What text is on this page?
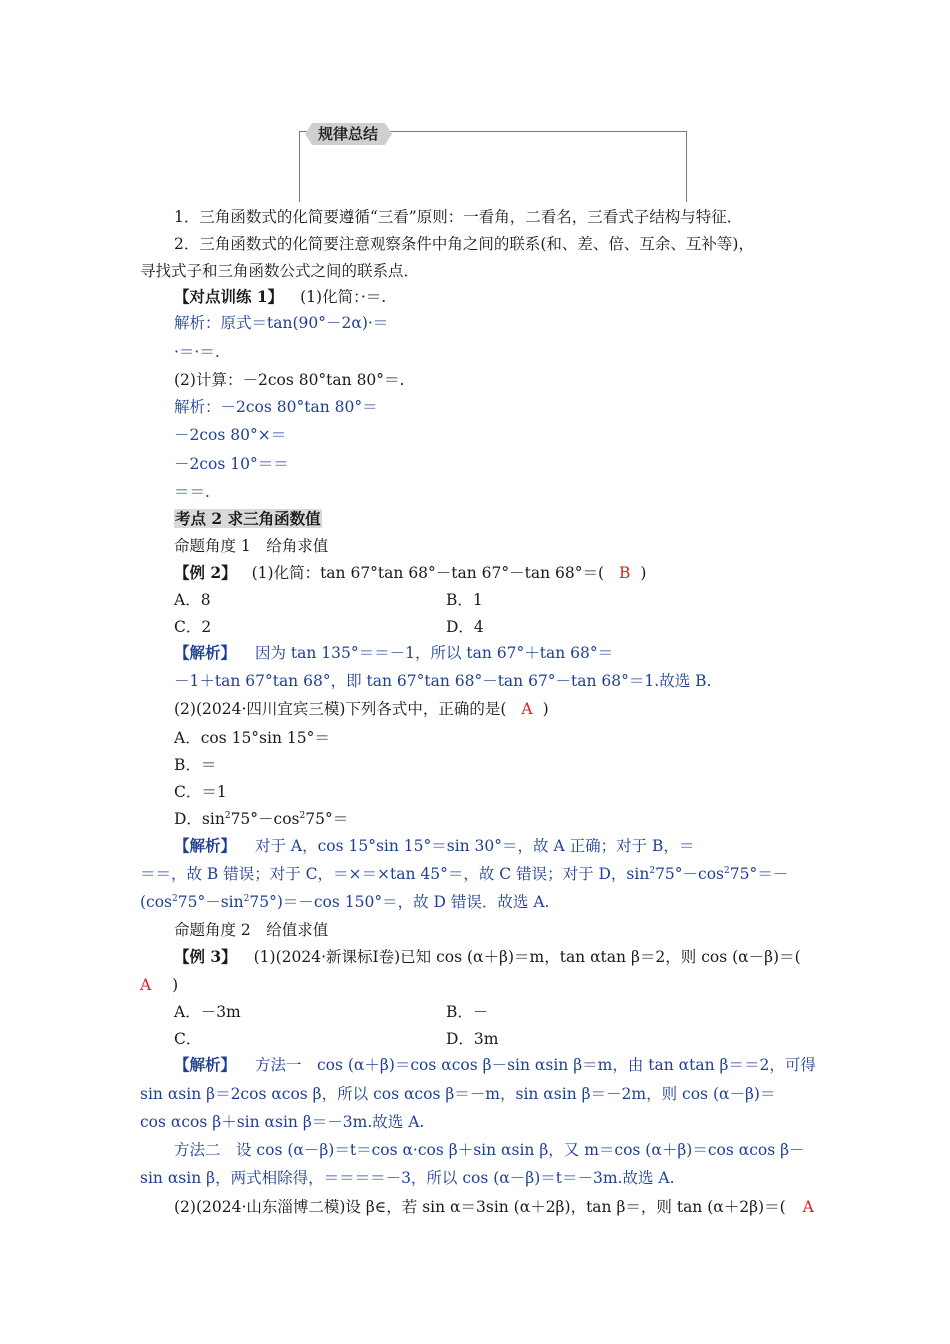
规律总结
1．三角函数式的化简要遵循“三看”原则：一看角，二看名，三看式子结构与特征．
2．三角函数式的化简要注意观察条件中角之间的联系(和、差、倍、互余、互补等)，
寻找式子和三角函数公式之间的联系点．
【对点训练 1】 (1)化简：·＝.
解析：原式＝tan(90°－2α)·＝
·＝·＝.
(2)计算：－2cos 80°tan 80°＝.
解析：－2cos 80°tan 80°＝
－2cos 80°×＝
－2cos 10°＝＝
＝＝.
考点 2 求三角函数值
命题角度 1　给角求值
【例 2】 (1)化简：tan 67°tan 68°－tan 67°－tan 68°＝( B )
A．8	B．1
C．2	D．4
【解析】 因为 tan 135°＝＝－1，所以 tan 67°＋tan 68°＝
－1＋tan 67°tan 68°，即 tan 67°tan 68°－tan 67°－tan 68°＝1.故选 B.
(2)(2024·四川宜宾三模)下列各式中，正确的是( A )
A．cos 15°sin 15°＝
B．＝
C．＝1
D．$\sin^275^\circ-\cos^275^\circ=$
【解析】 对于 A，cos 15°sin 15°＝sin 30°＝，故 A 正确；对于 B，＝
＝＝，故 B 错误；对于 C，＝×＝×tan 45°＝，故 C 错误；对于 D，$\sin^275^\circ-\cos^275^\circ=-$
$(\cos^275^\circ-\sin^275^\circ)=-\cos$ 150°＝，故 D 错误．故选 A.
命题角度 2　给值求值
【例 3】 (1)(2024·新课标Ⅰ卷)已知 cos (α＋β)＝m，tan αtan β＝2，则 cos (α－β)＝(
A )
A．－3m	B．－
C．	D．3m
【解析】 方法一　cos (α＋β)＝cos αcos β－sin αsin β＝m，由 tan αtan β＝＝2，可得
sin αsin β＝2cos αcos β，所以 cos αcos β＝－m，sin αsin β＝－2m，则 cos (α－β)＝
cos αcos β＋sin αsin β＝－3m.故选 A.
方法二　设 cos (α－β)＝t＝cos α·cos β＋sin αsin β，又 m＝cos (α＋β)＝cos αcos β－
sin αsin β，两式相除得，＝＝＝＝－3，所以 cos (α－β)＝t＝－3m.故选 A.
(2)(2024·山东淄博二模)设 β∈，若 sin α＝3sin (α＋2β)，tan β＝，则 tan (α＋2β)＝( A
